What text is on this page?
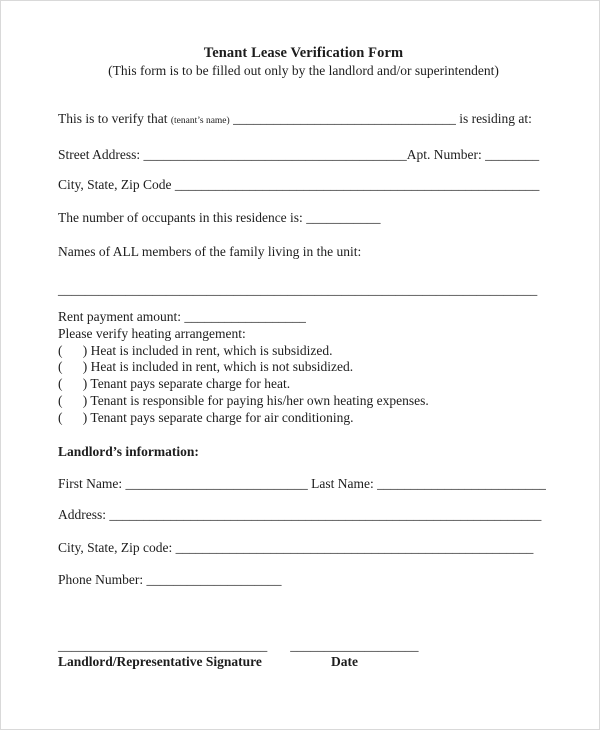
Tenant Lease Verification Form
(This form is to be filled out only by the landlord and/or superintendent)
This is to verify that (tenant’s name) _________________________________ is residing at:
Street Address: _______________________________________Apt. Number: ________
City, State, Zip Code ______________________________________________________
The number of occupants in this residence is: ___________
Names of ALL members of the family living in the unit:
_______________________________________________________________________
Rent payment amount: __________________
Please verify heating arrangement:
(      ) Heat is included in rent, which is subsidized.
(      ) Heat is included in rent, which is not subsidized.
(      ) Tenant pays separate charge for heat.
(      ) Tenant is responsible for paying his/her own heating expenses.
(      ) Tenant pays separate charge for air conditioning.
Landlord’s information:
First Name: ___________________________ Last Name: _________________________
Address: ________________________________________________________________
City, State, Zip code: _____________________________________________________
Phone Number: ____________________
_______________________________ ___________________
Landlord/Representative Signature	Date
